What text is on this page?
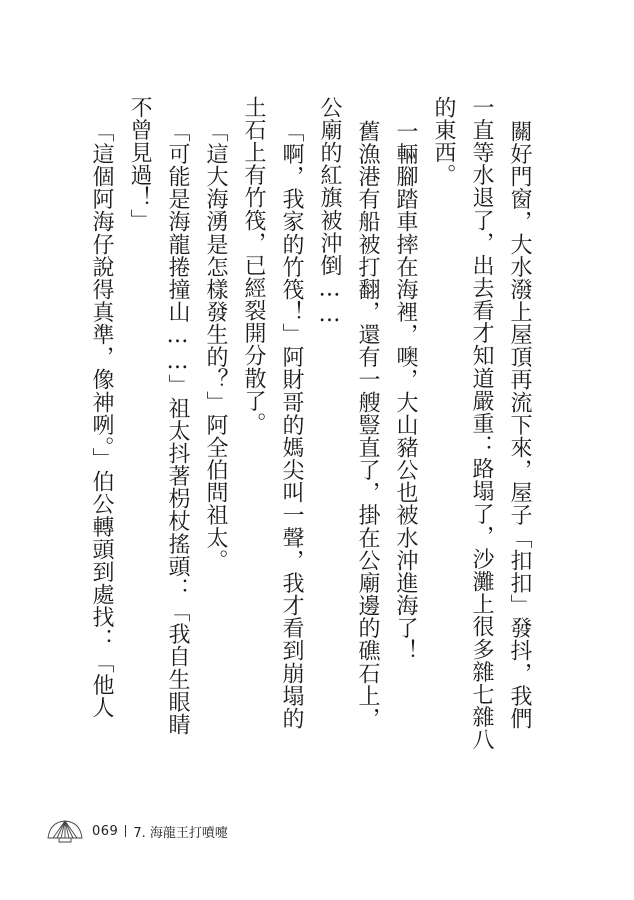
關好門窗，大水潑上屋頂再流下來，屋子「扣扣」發抖，我們
一直等水退了，出去看才知道嚴重：路塌了，沙灘上很多雜七雜八
的東西。
一輛腳踏車摔在海裡，噢，大山豬公也被水沖進海了！
舊漁港有船被打翻，還有一艘豎直了，掛在公廟邊的礁石上，
公廟的紅旗被沖倒……
「啊，我家的竹筏！」阿財哥的媽尖叫一聲，我才看到崩塌的
土石上有竹筏，已經裂開分散了。
「這大海湧是怎樣發生的？」阿全伯問祖太。
「可能是海龍捲撞山……」祖太抖著枴杖搖頭：「我自生眼睛
不曾見過！」
「這個阿海仔說得真準，像神咧。」伯公轉頭到處找：「他人
069 7. 海龍王打噴嚏
